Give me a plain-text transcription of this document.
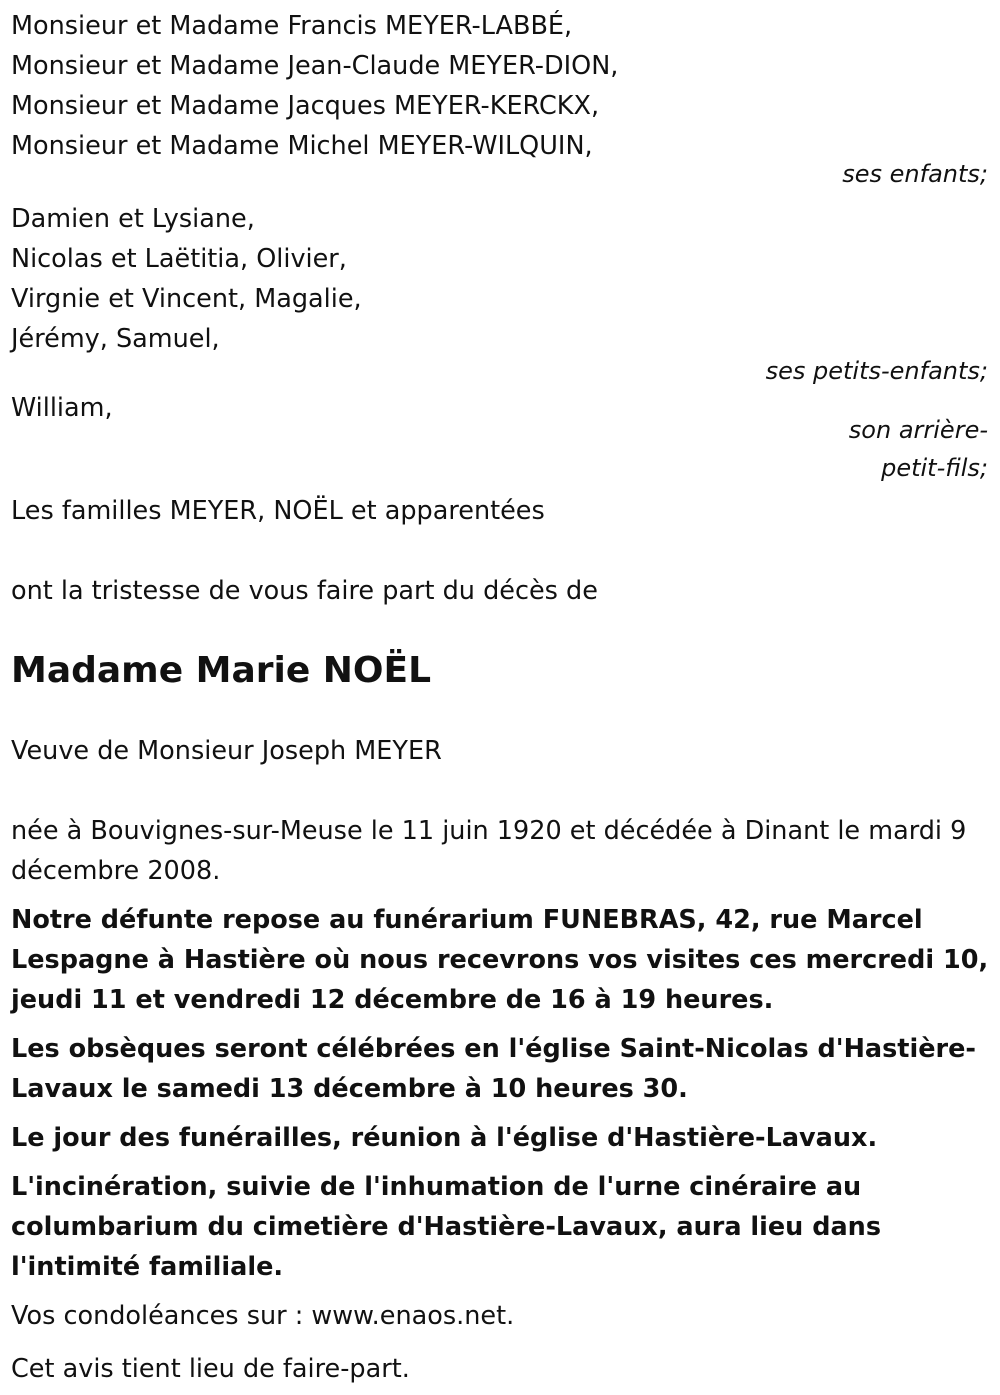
Monsieur et Madame Francis MEYER-LABBÉ,
Monsieur et Madame Jean-Claude MEYER-DION,
Monsieur et Madame Jacques MEYER-KERCKX,
Monsieur et Madame Michel MEYER-WILQUIN,
ses enfants;
Damien et Lysiane,
Nicolas et Laëtitia, Olivier,
Virgnie et Vincent, Magalie,
Jérémy, Samuel,
ses petits-enfants;
William,
son arrière-
petit-fils;
Les familles MEYER, NOËL et apparentées
ont la tristesse de vous faire part du décès de
Madame Marie NOËL
Veuve de Monsieur Joseph MEYER

née à Bouvignes-sur-Meuse le 11 juin 1920 et décédée à Dinant le mardi 9 décembre 2008.

Notre défunte repose au funérarium FUNEBRAS, 42, rue Marcel Lespagne à Hastière où nous recevrons vos visites ces mercredi 10, jeudi 11 et vendredi 12 décembre de 16 à 19 heures.

Les obsèques seront célébrées en l'église Saint-Nicolas d'Hastière-Lavaux le samedi 13 décembre à 10 heures 30.

Le jour des funérailles, réunion à l'église d'Hastière-Lavaux.

L'incinération, suivie de l'inhumation de l'urne cinéraire au columbarium du cimetière d'Hastière-Lavaux, aura lieu dans l'intimité familiale.

Vos condoléances sur : www.enaos.net.

Cet avis tient lieu de faire-part.
